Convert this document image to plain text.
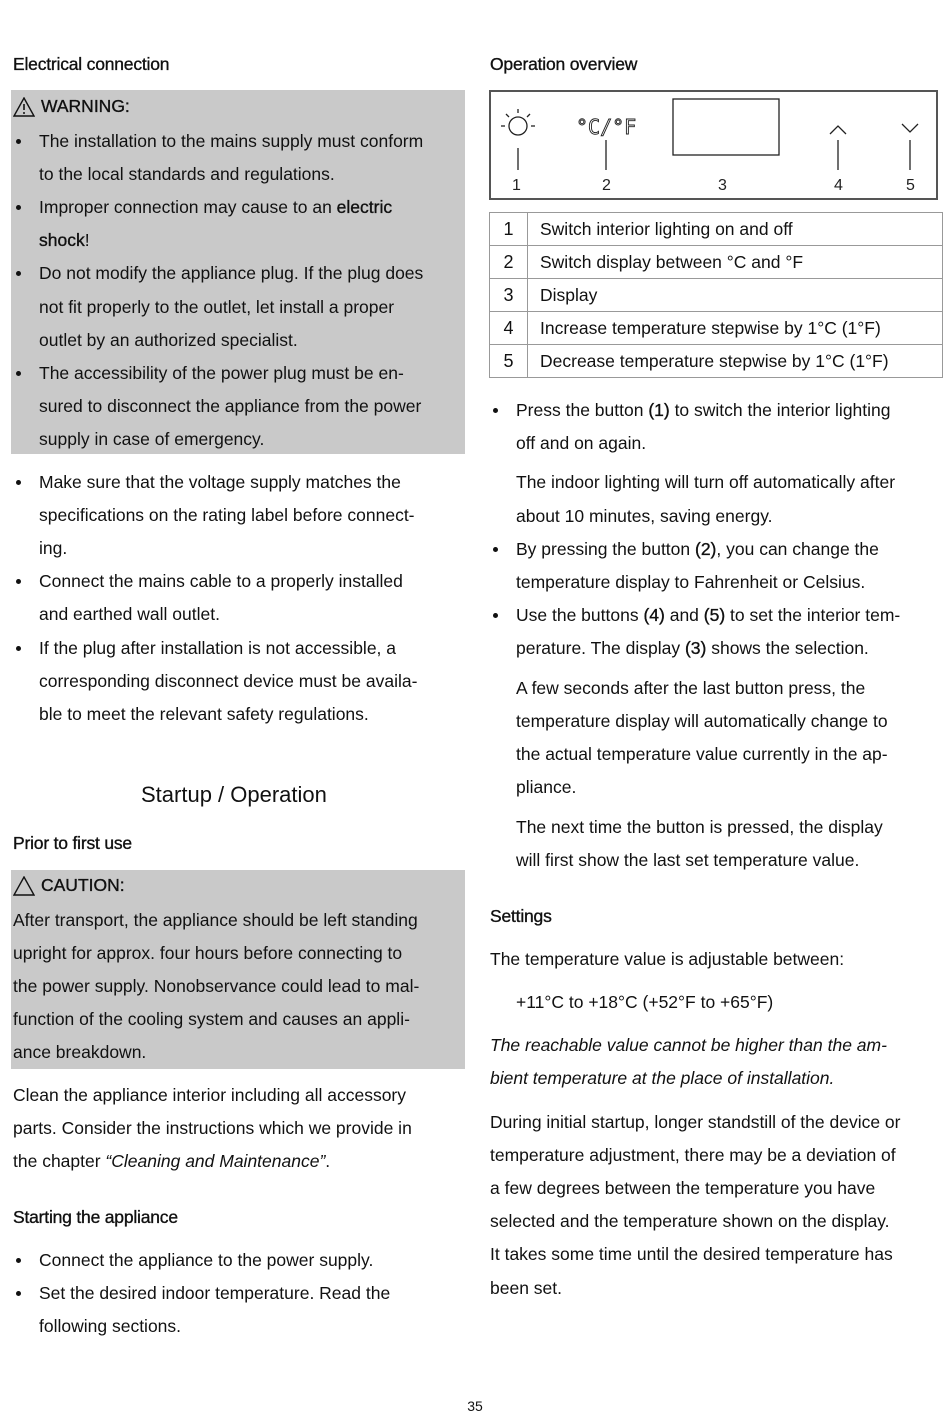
Electrical connection
WARNING:
The installation to the mains supply must conform
to the local standards and regulations.
Improper connection may cause to an electric
shock!
Do not modify the appliance plug. If the plug does
not fit properly to the outlet, let install a proper
outlet by an authorized specialist.
The accessibility of the power plug must be en-
sured to disconnect the appliance from the power
supply in case of emergency.
Make sure that the voltage supply matches the
specifications on the rating label before connect-
ing.
Connect the mains cable to a properly installed
and earthed wall outlet.
If the plug after installation is not accessible, a
corresponding disconnect device must be availa-
ble to meet the relevant safety regulations.
Startup / Operation
Prior to first use
CAUTION:
After transport, the appliance should be left standing
upright for approx. four hours before connecting to
the power supply. Nonobservance could lead to mal-
function of the cooling system and causes an appli-
ance breakdown.
Clean the appliance interior including all accessory
parts. Consider the instructions which we provide in
the chapter “Cleaning and Maintenance”.
Starting the appliance
Connect the appliance to the power supply.
Set the desired indoor temperature. Read the
following sections.
Operation overview
°C/°F
1	2	3	4	5
1	Switch interior lighting on and off
2	Switch display between °C and °F
3	Display
4	Increase temperature stepwise by 1°C (1°F)
5	Decrease temperature stepwise by 1°C (1°F)
Press the button (1) to switch the interior lighting
off and on again.
The indoor lighting will turn off automatically after
about 10 minutes, saving energy.
By pressing the button (2), you can change the
temperature display to Fahrenheit or Celsius.
Use the buttons (4) and (5) to set the interior tem-
perature. The display (3) shows the selection.
A few seconds after the last button press, the
temperature display will automatically change to
the actual temperature value currently in the ap-
pliance.
The next time the button is pressed, the display
will first show the last set temperature value.
Settings
The temperature value is adjustable between:
+11°C to +18°C (+52°F to +65°F)
The reachable value cannot be higher than the am-
bient temperature at the place of installation.
During initial startup, longer standstill of the device or
temperature adjustment, there may be a deviation of
a few degrees between the temperature you have
selected and the temperature shown on the display.
It takes some time until the desired temperature has
been set.
35
